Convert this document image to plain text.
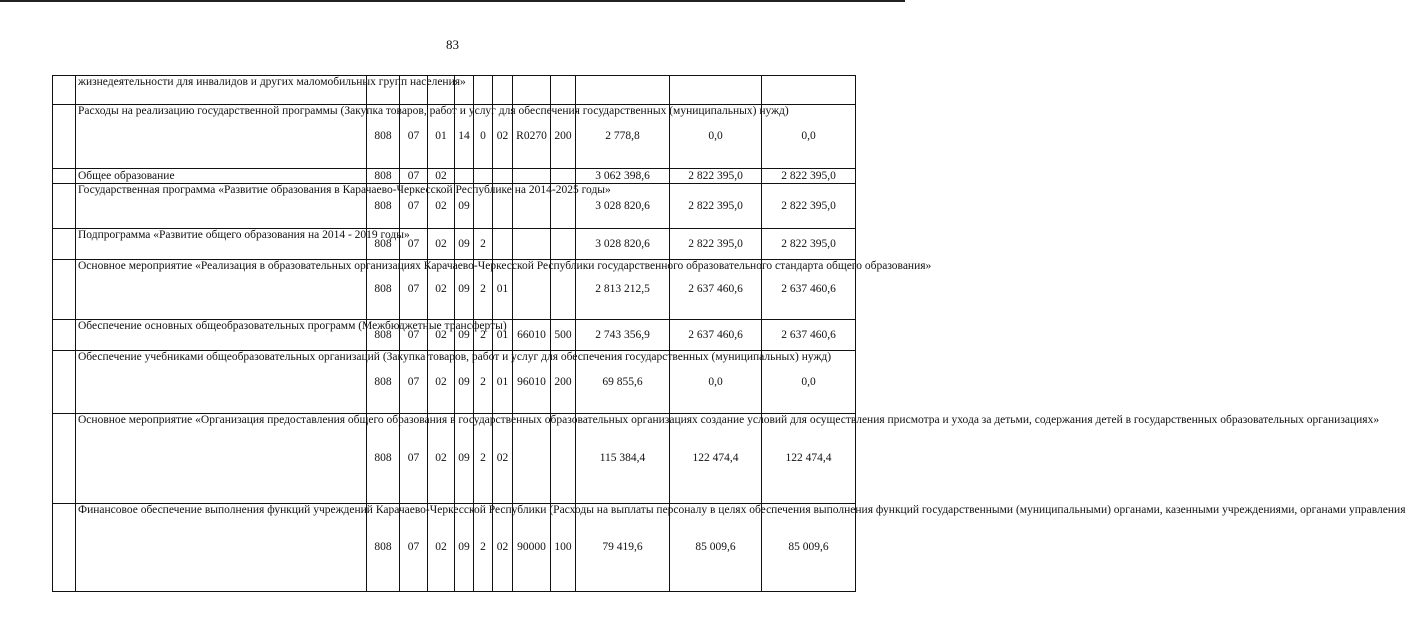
83
	жизнедеятельности для инвалидов и других маломобильных групп населения»											
	Расходы на реализацию государственной программы (Закупка товаров, работ и услуг для обеспечения государственных (муниципальных) нужд)	808	07	01	14	0	02	R0270	200	2 778,8	0,0	0,0
	Общее образование	808	07	02						3 062 398,6	2 822 395,0	2 822 395,0
	Государственная программа «Развитие образования в Карачаево-Черкесской Республике на 2014-2025 годы»	808	07	02	09					3 028 820,6	2 822 395,0	2 822 395,0
	Подпрограмма «Развитие общего образования на 2014 - 2019 годы»	808	07	02	09	2				3 028 820,6	2 822 395,0	2 822 395,0
	Основное мероприятие «Реализация в образовательных организациях Карачаево-Черкесской Республики государственного образовательного стандарта общего образования»	808	07	02	09	2	01			2 813 212,5	2 637 460,6	2 637 460,6
	Обеспечение основных общеобразовательных программ (Межбюджетные трансферты)	808	07	02	09	2	01	66010	500	2 743 356,9	2 637 460,6	2 637 460,6
	Обеспечение учебниками общеобразовательных организаций (Закупка товаров, работ и услуг для обеспечения государственных (муниципальных) нужд)	808	07	02	09	2	01	96010	200	69 855,6	0,0	0,0
	Основное мероприятие «Организация предоставления общего образования в государственных образовательных организациях создание условий для осуществления присмотра и ухода за детьми, содержания детей в государственных образовательных организациях»	808	07	02	09	2	02			115 384,4	122 474,4	122 474,4
	Финансовое обеспечение выполнения функций учреждений Карачаево-Черкесской Республики (Расходы на выплаты персоналу в целях обеспечения выполнения функций государственными (муниципальными) органами, казенными учреждениями, органами управления	808	07	02	09	2	02	90000	100	79 419,6	85 009,6	85 009,6
